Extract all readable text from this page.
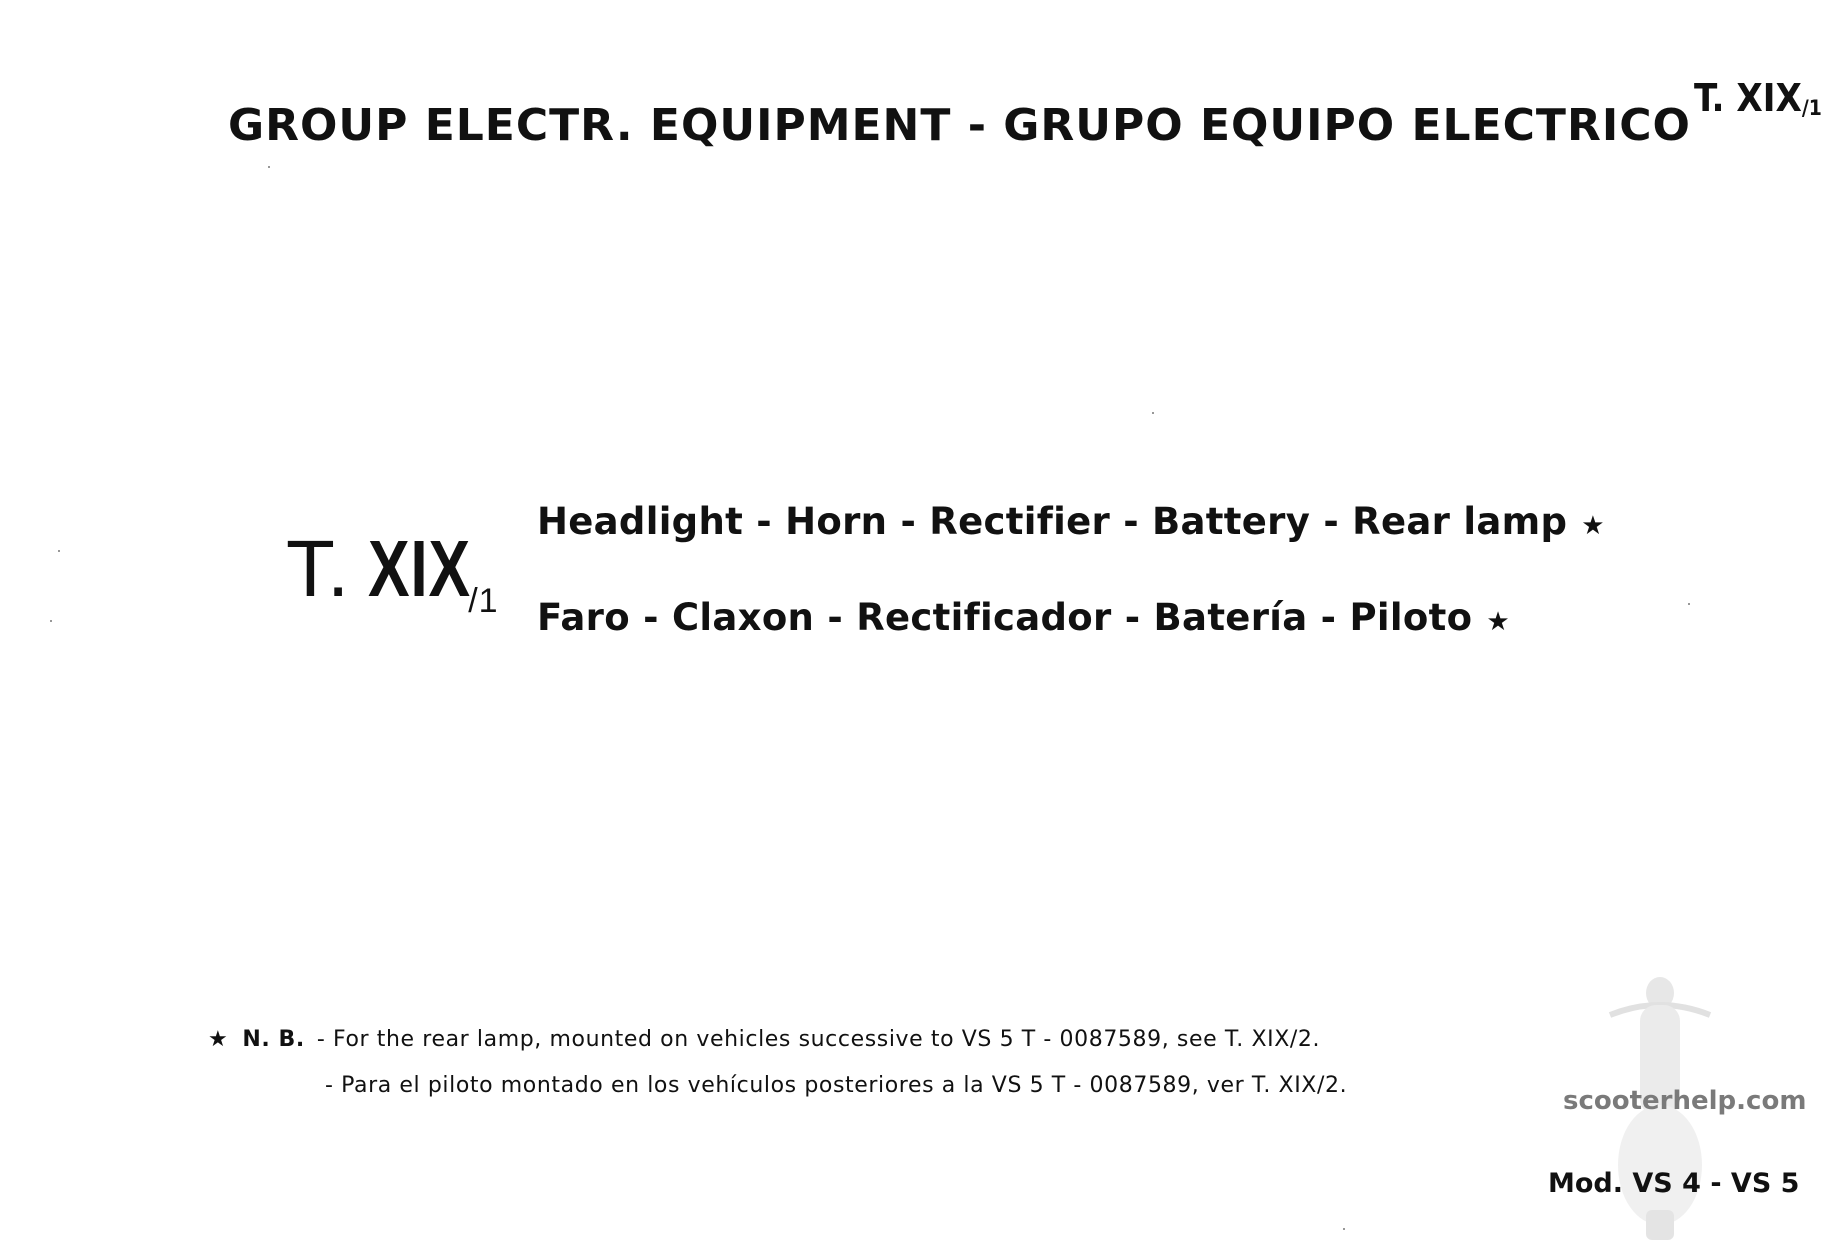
GROUP ELECTR. EQUIPMENT - GRUPO EQUIPO ELECTRICO
T. XIX/1
T. XIX/1
Headlight - Horn - Rectifier - Battery - Rear lamp ★
Faro - Claxon - Rectificador - Batería - Piloto ★
★ N. B. - For the rear lamp, mounted on vehicles successive to VS 5 T - 0087589, see T. XIX/2.
- Para el piloto montado en los vehículos posteriores a la VS 5 T - 0087589, ver T. XIX/2.
scooterhelp.com
Mod. VS 4 - VS 5
